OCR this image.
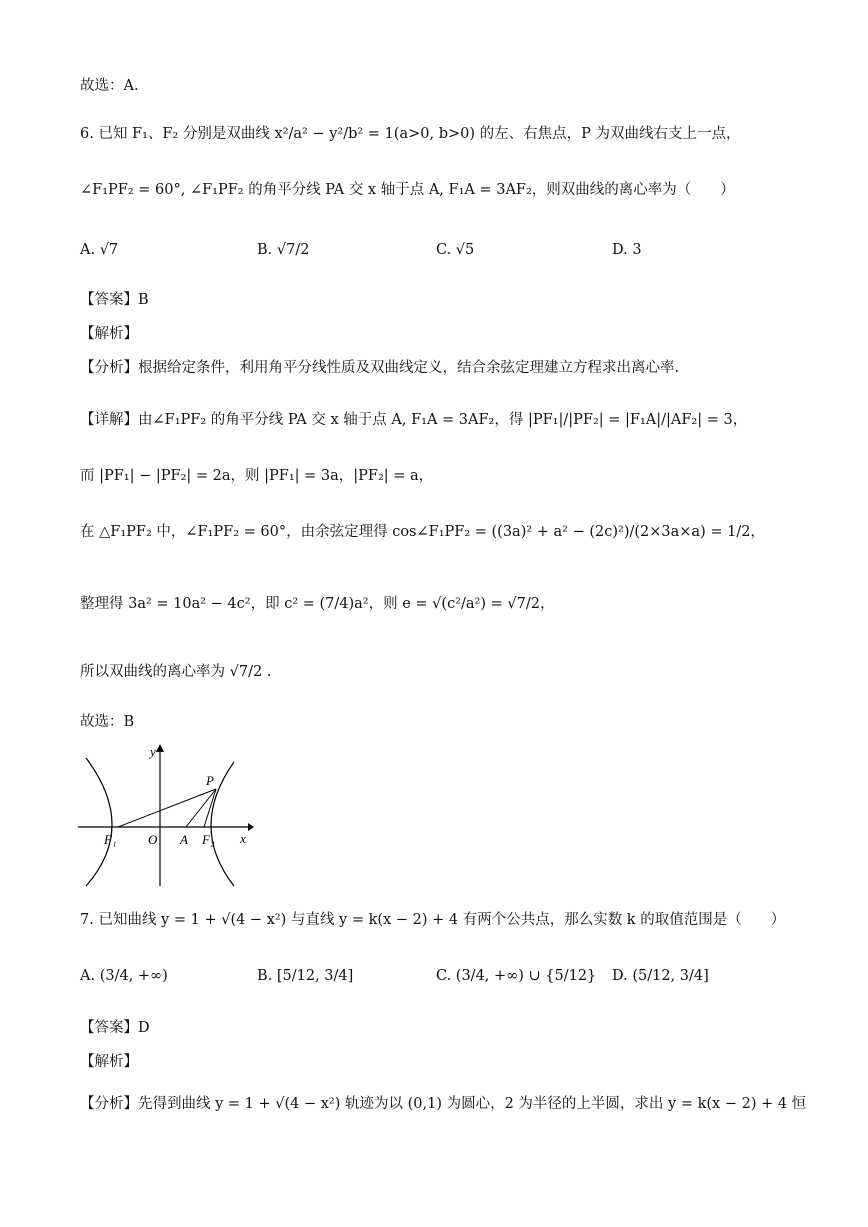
故选：A.
6. 已知 F₁、F₂ 分别是双曲线 x²/a² − y²/b² = 1(a>0, b>0) 的左、右焦点，P 为双曲线右支上一点，
∠F₁PF₂ = 60°, ∠F₁PF₂ 的角平分线 PA 交 x 轴于点 A, F₁A = 3AF₂，则双曲线的离心率为（　　）
A. √7	B. √7/2	C. √5	D. 3
【答案】B
【解析】
【分析】根据给定条件，利用角平分线性质及双曲线定义，结合余弦定理建立方程求出离心率.
【详解】由∠F₁PF₂ 的角平分线 PA 交 x 轴于点 A, F₁A = 3AF₂，得 |PF₁|/|PF₂| = |F₁A|/|AF₂| = 3，
而 |PF₁| − |PF₂| = 2a，则 |PF₁| = 3a，|PF₂| = a，
在 △F₁PF₂ 中，∠F₁PF₂ = 60°，由余弦定理得 cos∠F₁PF₂ = ((3a)² + a² − (2c)²)/(2×3a×a) = 1/2，
整理得 3a² = 10a² − 4c²，即 c² = (7/4)a²，则 e = √(c²/a²) = √7/2，
所以双曲线的离心率为 √7/2 .
故选：B
y
x
O
F₁	A F₂
P
7. 已知曲线 y = 1 + √(4 − x²) 与直线 y = k(x − 2) + 4 有两个公共点，那么实数 k 的取值范围是（　　）
A. (3/4, +∞)	B. [5/12, 3/4]	C. (3/4, +∞) ∪ {5/12} D. (5/12, 3/4]
【答案】D
【解析】
【分析】先得到曲线 y = 1 + √(4 − x²) 轨迹为以 (0,1) 为圆心，2 为半径的上半圆，求出 y = k(x − 2) + 4 恒
